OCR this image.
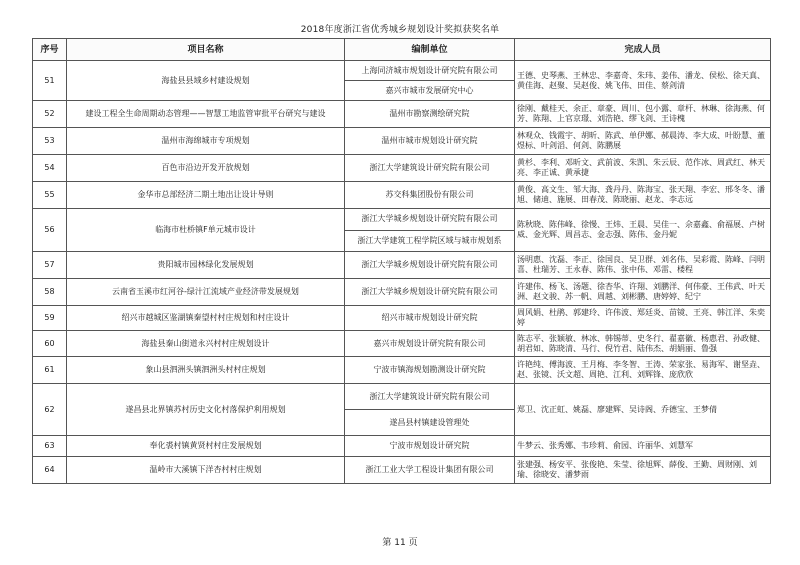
2018年度浙江省优秀城乡规划设计奖拟获奖名单
序号	项目名称	编制单位	完成人员
51	海盐县县域乡村建设规划	上海同济城市规划设计研究院有限公司	王德、史琴燕、王林忠、李嘉奇、朱玮、姜伟、潘龙、侯松、徐天真、黄佳海、赵聚、吴赵俊、姚飞伟、田佳、蔡剑清
		嘉兴市城市发展研究中心	
52	建设工程全生命周期动态管理——智慧工地监管审批平台研究与建设	温州市勘察测绘研究院	徐刚、戴桂天、余正、章豪、周川、包小露、章杆、林琳、徐海燕、何芳、陈翔、上官京璟、刘浩艳、缪飞剑、王诗槐
53	温州市海绵城市专项规划	温州市城市规划设计研究院	林观众、钱霞宇、胡昕、陈武、单伊娜、郝晨涛、李大成、叶盼慧、董煜标、叶剑滔、何剑、陈鹏展
54	百色市沿边开发开放规划	浙江大学建筑设计研究院有限公司	黄杉、李利、邓昕文、武前波、朱凯、朱云辰、范作冰、周武红、林天亮、李正诚、黄承捷
55	金华市总部经济二期土地出让设计导则	苏交科集团股份有限公司	黄俊、高文生、邹大海、龚丹丹、陈海宝、张天翔、李宏、邢冬冬、潘旭、储迪、施展、田春茂、陈晓丽、赵龙、李志远
56	临海市杜桥镇F单元城市设计	浙江大学城乡规划设计研究院有限公司	陈秋晓、陈伟峰、徐慢、王炜、王晨、吴佳一、佘嘉鑫、俞福展、卢树威、金光辉、周昌志、金志强、陈伟、金丹妮
		浙江大学建筑工程学院区域与城市规划系	
57	贵阳城市园林绿化发展规划	浙江大学城乡规划设计研究院有限公司	汤明惠、沈磊、李正、徐国良、吴卫群、刘名伟、吴彩霞、陈峰、闫明喜、杜瑞芳、王永春、陈伟、张中伟、邓雷、楼程
58	云南省玉溪市红河谷-绿汁江流域产业经济带发展规划	浙江大学城乡规划设计研究院有限公司	许建伟、杨飞、汤题、徐杏华、许翔、刘鹏洋、何伟豪、王伟武、叶天洲、赵文骏、苏一帆、周越、刘彬鹏、唐婷婷、纪宁
59	绍兴市越城区鉴湖镇秦望村村庄规划和村庄设计	绍兴市城市规划设计研究院	周风娟、杜鹃、郭建玲、许伟波、郑廷炎、苗镜、王亮、韩江洋、朱奕婷
60	海盐县秦山街道永兴村村庄规划设计	嘉兴市规划设计研究院有限公司	陈志平、张颖敏、林冰、韩锡蒂、史冬行、翟嘉徽、杨惠君、孙政健、胡君如、陈晓清、马行、倪竹君、陆伟杰、胡娟丽、鲁强
61	象山县泗洲头镇泗洲头村村庄规划	宁波市镇海规划勘测设计研究院	许艳纯、傅海波、王月梅、李冬智、王涛、荣家张、易海军、谢坚垚、赵、张镜、沃文超、周艳、江利、刘辉锋、庞欣欣
62	遂昌县北界镇苏村历史文化村落保护利用规划	浙江大学建筑设计研究院有限公司	郑卫、沈正虹、姚磊、廖建辉、吴诗阁、乔德宝、王梦倩
		遂昌县村镇建设管理处	
63	奉化裘村镇黄贤村村庄发展规划	宁波市规划设计研究院	牛梦云、张秀娜、韦珍莉、俞园、许丽华、刘慧军
64	温岭市大溪镇下洋杏村村庄规划	浙江工业大学工程设计集团有限公司	张建强、杨安平、张俊艳、朱莹、徐旭辉、薛俊、王勤、周财刚、刘瑜、徐晓安、潘梦雨
第 11 页
